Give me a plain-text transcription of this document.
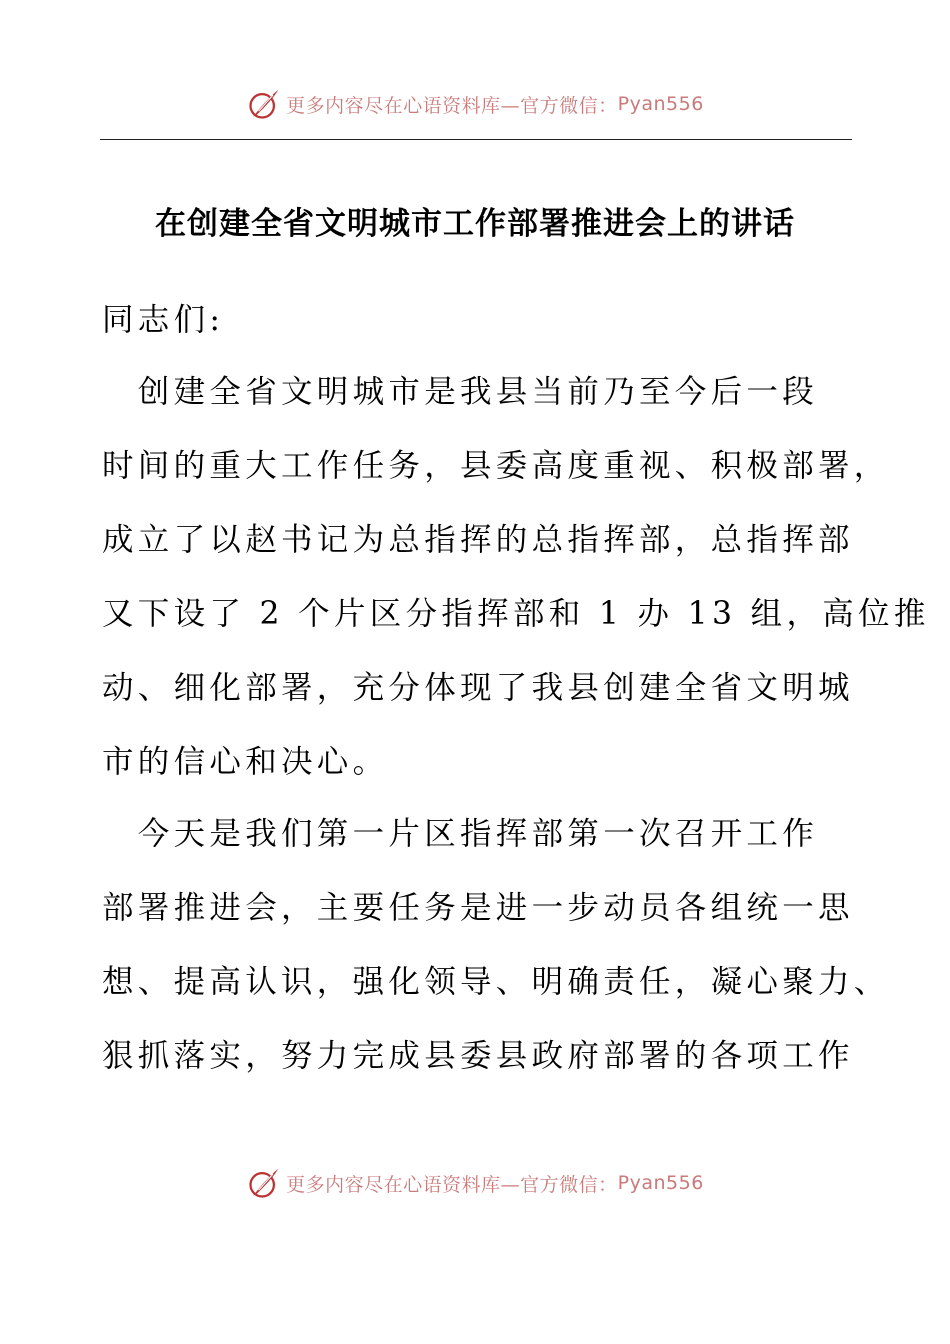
更多内容尽在心语资料库—官方微信： Pyan556
在创建全省文明城市工作部署推进会上的讲话
同志们:
　创建全省文明城市是我县当前乃至今后一段
时间的重大工作任务，县委高度重视、积极部署，
成立了以赵书记为总指挥的总指挥部，总指挥部
又下设了 2 个片区分指挥部和 1 办 13 组，高位推
动、细化部署，充分体现了我县创建全省文明城
市的信心和决心。
　今天是我们第一片区指挥部第一次召开工作
部署推进会，主要任务是进一步动员各组统一思
想、提高认识，强化领导、明确责任，凝心聚力、
狠抓落实，努力完成县委县政府部署的各项工作
更多内容尽在心语资料库—官方微信： Pyan556
